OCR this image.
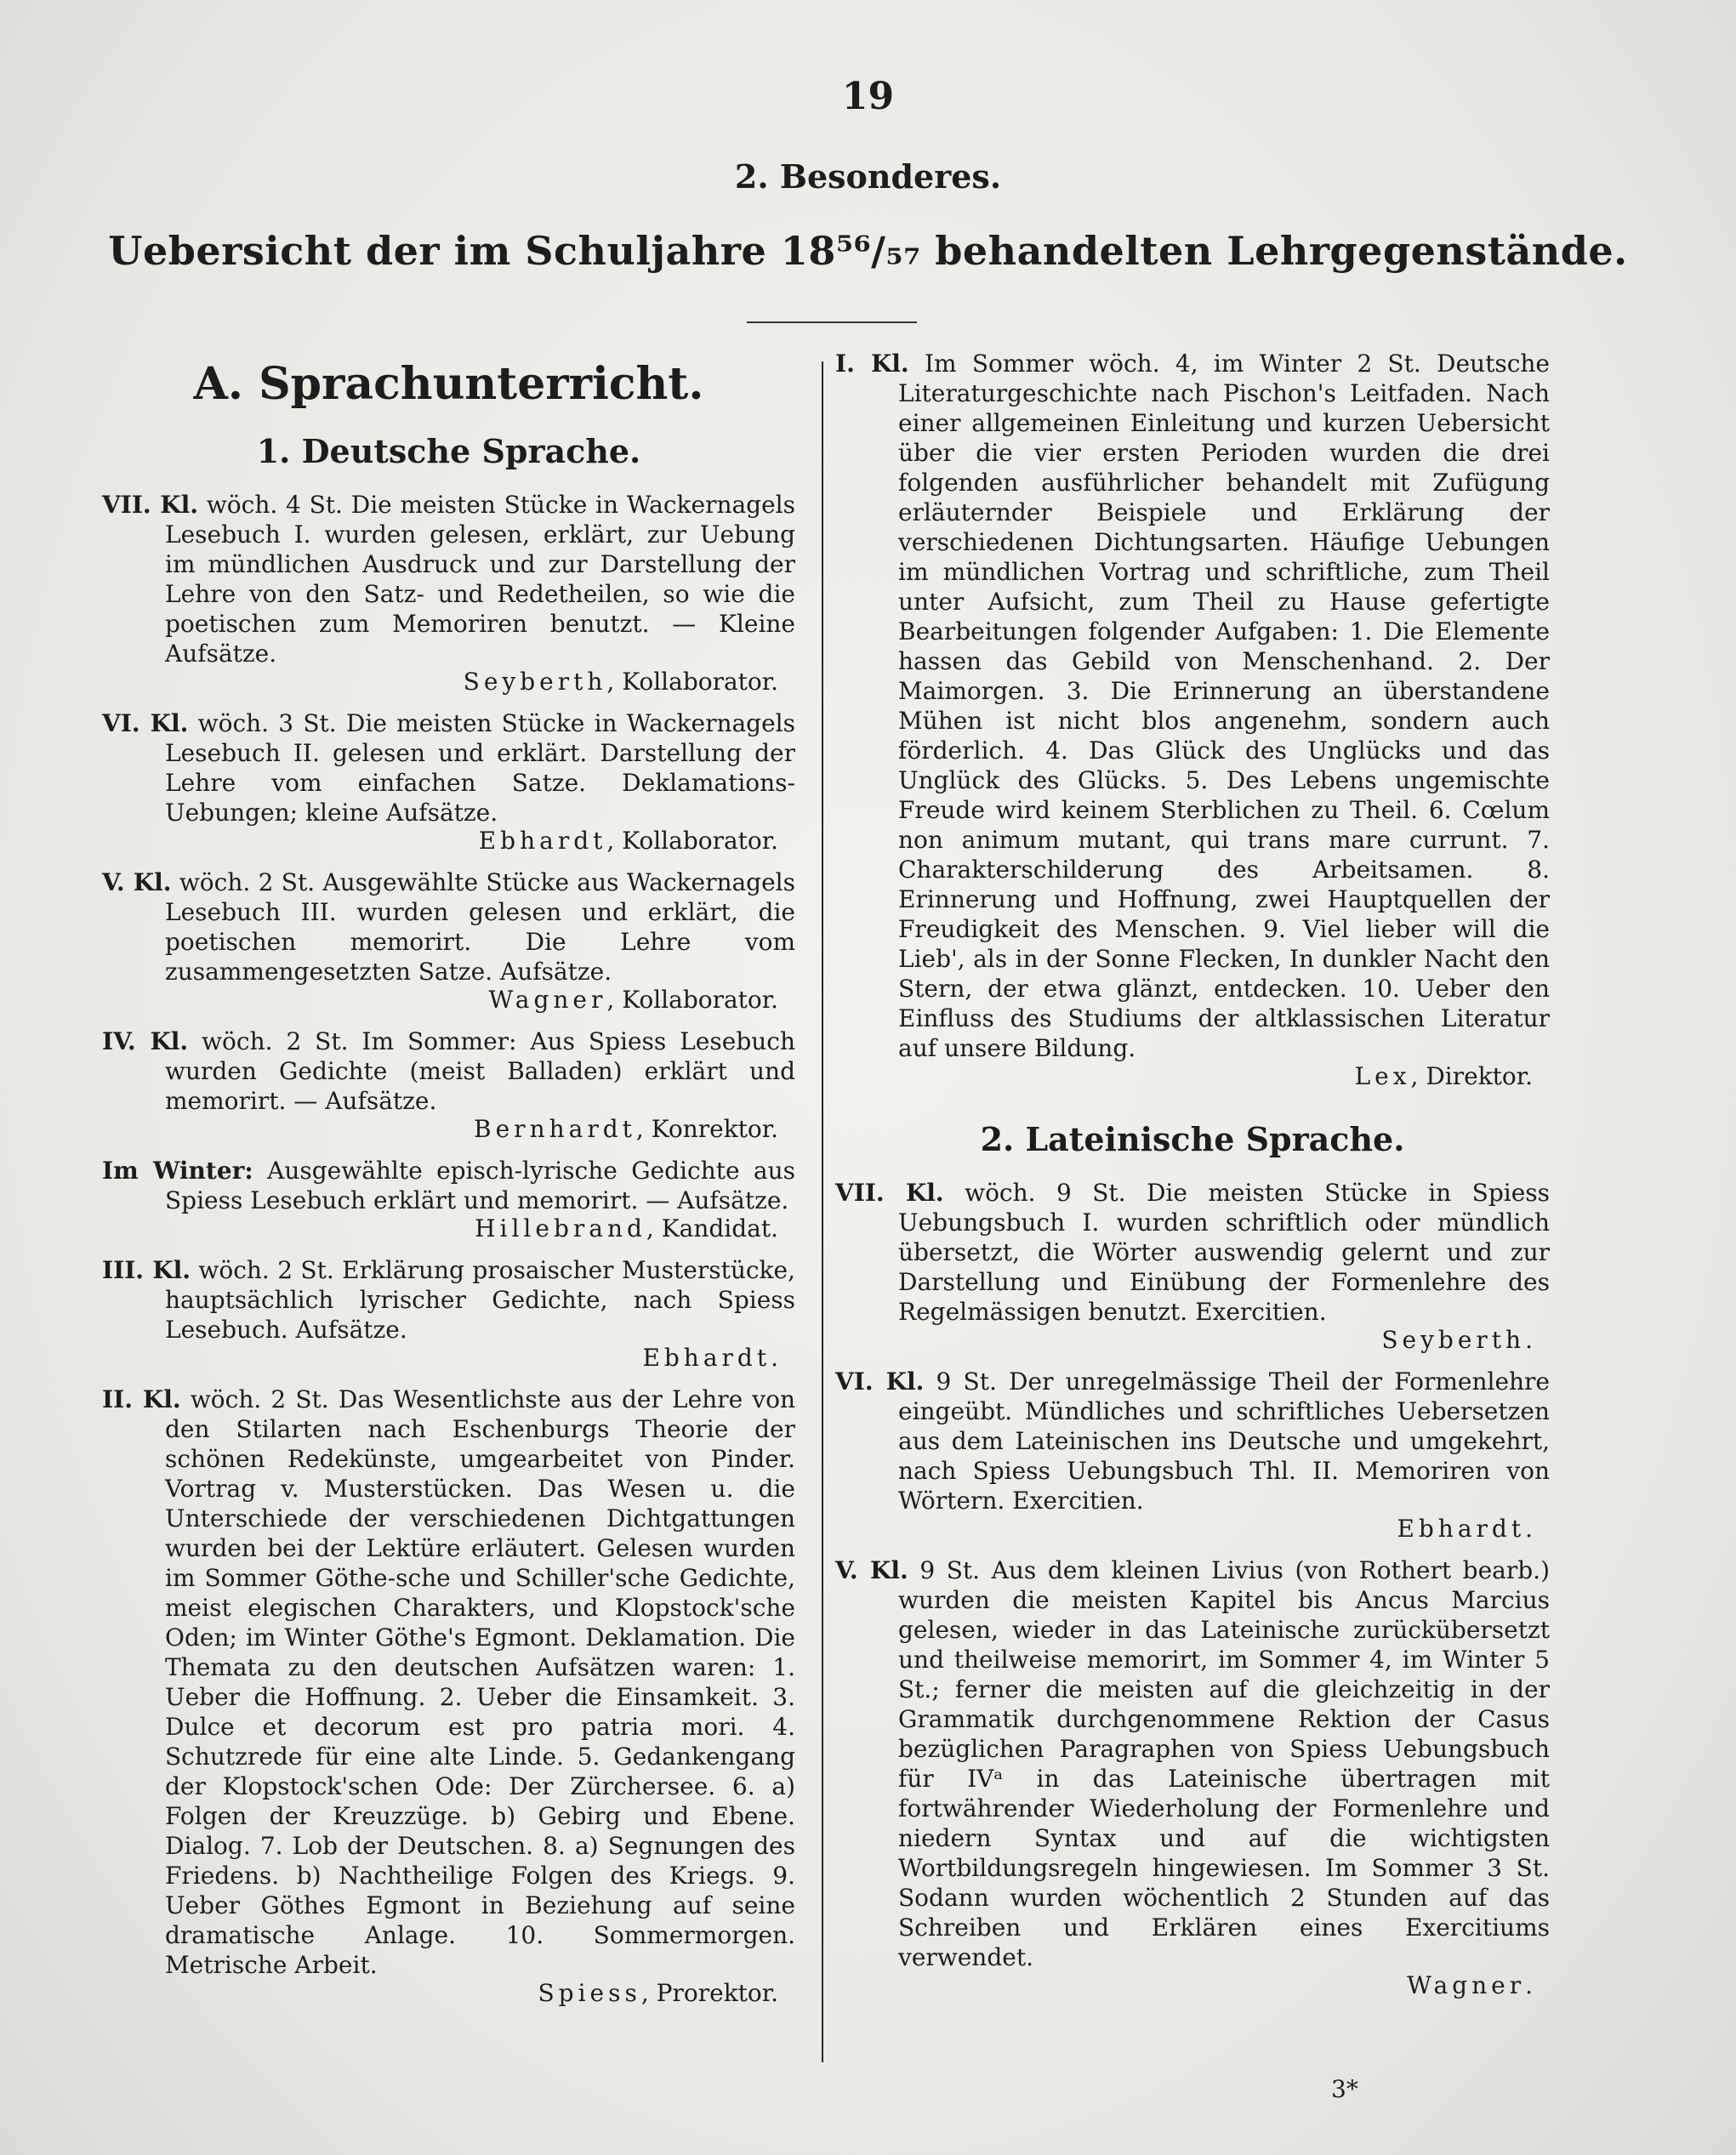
19
2. Besonderes.
Uebersicht der im Schuljahre 18⁵⁶/₅₇ behandelten Lehrgegenstände.
A. Sprachunterricht.
1. Deutsche Sprache.
VII. Kl. wöch. 4 St. Die meisten Stücke in Wackernagels Lesebuch I. wurden gelesen, erklärt, zur Uebung im mündlichen Ausdruck und zur Darstellung der Lehre von den Satz- und Redetheilen, so wie die poetischen zum Memoriren benutzt. — Kleine Aufsätze.
Seyberth, Kollaborator.
VI. Kl. wöch. 3 St. Die meisten Stücke in Wackernagels Lesebuch II. gelesen und erklärt. Darstellung der Lehre vom einfachen Satze. Deklamations-Uebungen; kleine Aufsätze.
Ebhardt, Kollaborator.
V. Kl. wöch. 2 St. Ausgewählte Stücke aus Wackernagels Lesebuch III. wurden gelesen und erklärt, die poetischen memorirt. Die Lehre vom zusammengesetzten Satze. Aufsätze.
Wagner, Kollaborator.
IV. Kl. wöch. 2 St. Im Sommer: Aus Spiess Lesebuch wurden Gedichte (meist Balladen) erklärt und memorirt. — Aufsätze.
Bernhardt, Konrektor.
Im Winter: Ausgewählte episch-lyrische Gedichte aus Spiess Lesebuch erklärt und memorirt. — Aufsätze.
Hillebrand, Kandidat.
III. Kl. wöch. 2 St. Erklärung prosaischer Musterstücke, hauptsächlich lyrischer Gedichte, nach Spiess Lesebuch. Aufsätze.
Ebhardt.
II. Kl. wöch. 2 St. Das Wesentlichste aus der Lehre von den Stilarten nach Eschenburgs Theorie der schönen Redekünste, umgearbeitet von Pinder. Vortrag v. Musterstücken. Das Wesen u. die Unterschiede der verschiedenen Dichtgattungen wurden bei der Lektüre erläutert. Gelesen wurden im Sommer Göthe-sche und Schiller'sche Gedichte, meist elegischen Charakters, und Klopstock'sche Oden; im Winter Göthe's Egmont. Deklamation. Die Themata zu den deutschen Aufsätzen waren: 1. Ueber die Hoffnung. 2. Ueber die Einsamkeit. 3. Dulce et decorum est pro patria mori. 4. Schutzrede für eine alte Linde. 5. Gedankengang der Klopstock'schen Ode: Der Zürchersee. 6. a) Folgen der Kreuzzüge. b) Gebirg und Ebene. Dialog. 7. Lob der Deutschen. 8. a) Segnungen des Friedens. b) Nachtheilige Folgen des Kriegs. 9. Ueber Göthes Egmont in Beziehung auf seine dramatische Anlage. 10. Sommermorgen. Metrische Arbeit.
Spiess, Prorektor.
I. Kl. Im Sommer wöch. 4, im Winter 2 St. Deutsche Literaturgeschichte nach Pischon's Leitfaden. Nach einer allgemeinen Einleitung und kurzen Uebersicht über die vier ersten Perioden wurden die drei folgenden ausführlicher behandelt mit Zufügung erläuternder Beispiele und Erklärung der verschiedenen Dichtungsarten. Häufige Uebungen im mündlichen Vortrag und schriftliche, zum Theil unter Aufsicht, zum Theil zu Hause gefertigte Bearbeitungen folgender Aufgaben: 1. Die Elemente hassen das Gebild von Menschenhand. 2. Der Maimorgen. 3. Die Erinnerung an überstandene Mühen ist nicht blos angenehm, sondern auch förderlich. 4. Das Glück des Unglücks und das Unglück des Glücks. 5. Des Lebens ungemischte Freude wird keinem Sterblichen zu Theil. 6. Cœlum non animum mutant, qui trans mare currunt. 7. Charakterschilderung des Arbeitsamen. 8. Erinnerung und Hoffnung, zwei Hauptquellen der Freudigkeit des Menschen. 9. Viel lieber will die Lieb', als in der Sonne Flecken, In dunkler Nacht den Stern, der etwa glänzt, entdecken. 10. Ueber den Einfluss des Studiums der altklassischen Literatur auf unsere Bildung.
Lex, Direktor.
2. Lateinische Sprache.
VII. Kl. wöch. 9 St. Die meisten Stücke in Spiess Uebungsbuch I. wurden schriftlich oder mündlich übersetzt, die Wörter auswendig gelernt und zur Darstellung und Einübung der Formenlehre des Regelmässigen benutzt. Exercitien.
Seyberth.
VI. Kl. 9 St. Der unregelmässige Theil der Formenlehre eingeübt. Mündliches und schriftliches Uebersetzen aus dem Lateinischen ins Deutsche und umgekehrt, nach Spiess Uebungsbuch Thl. II. Memoriren von Wörtern. Exercitien.
Ebhardt.
V. Kl. 9 St. Aus dem kleinen Livius (von Rothert bearb.) wurden die meisten Kapitel bis Ancus Marcius gelesen, wieder in das Lateinische zurückübersetzt und theilweise memorirt, im Sommer 4, im Winter 5 St.; ferner die meisten auf die gleichzeitig in der Grammatik durchgenommene Rektion der Casus bezüglichen Paragraphen von Spiess Uebungsbuch für IVᵃ in das Lateinische übertragen mit fortwährender Wiederholung der Formenlehre und niedern Syntax und auf die wichtigsten Wortbildungsregeln hingewiesen. Im Sommer 3 St. Sodann wurden wöchentlich 2 Stunden auf das Schreiben und Erklären eines Exercitiums verwendet.
Wagner.
3*
